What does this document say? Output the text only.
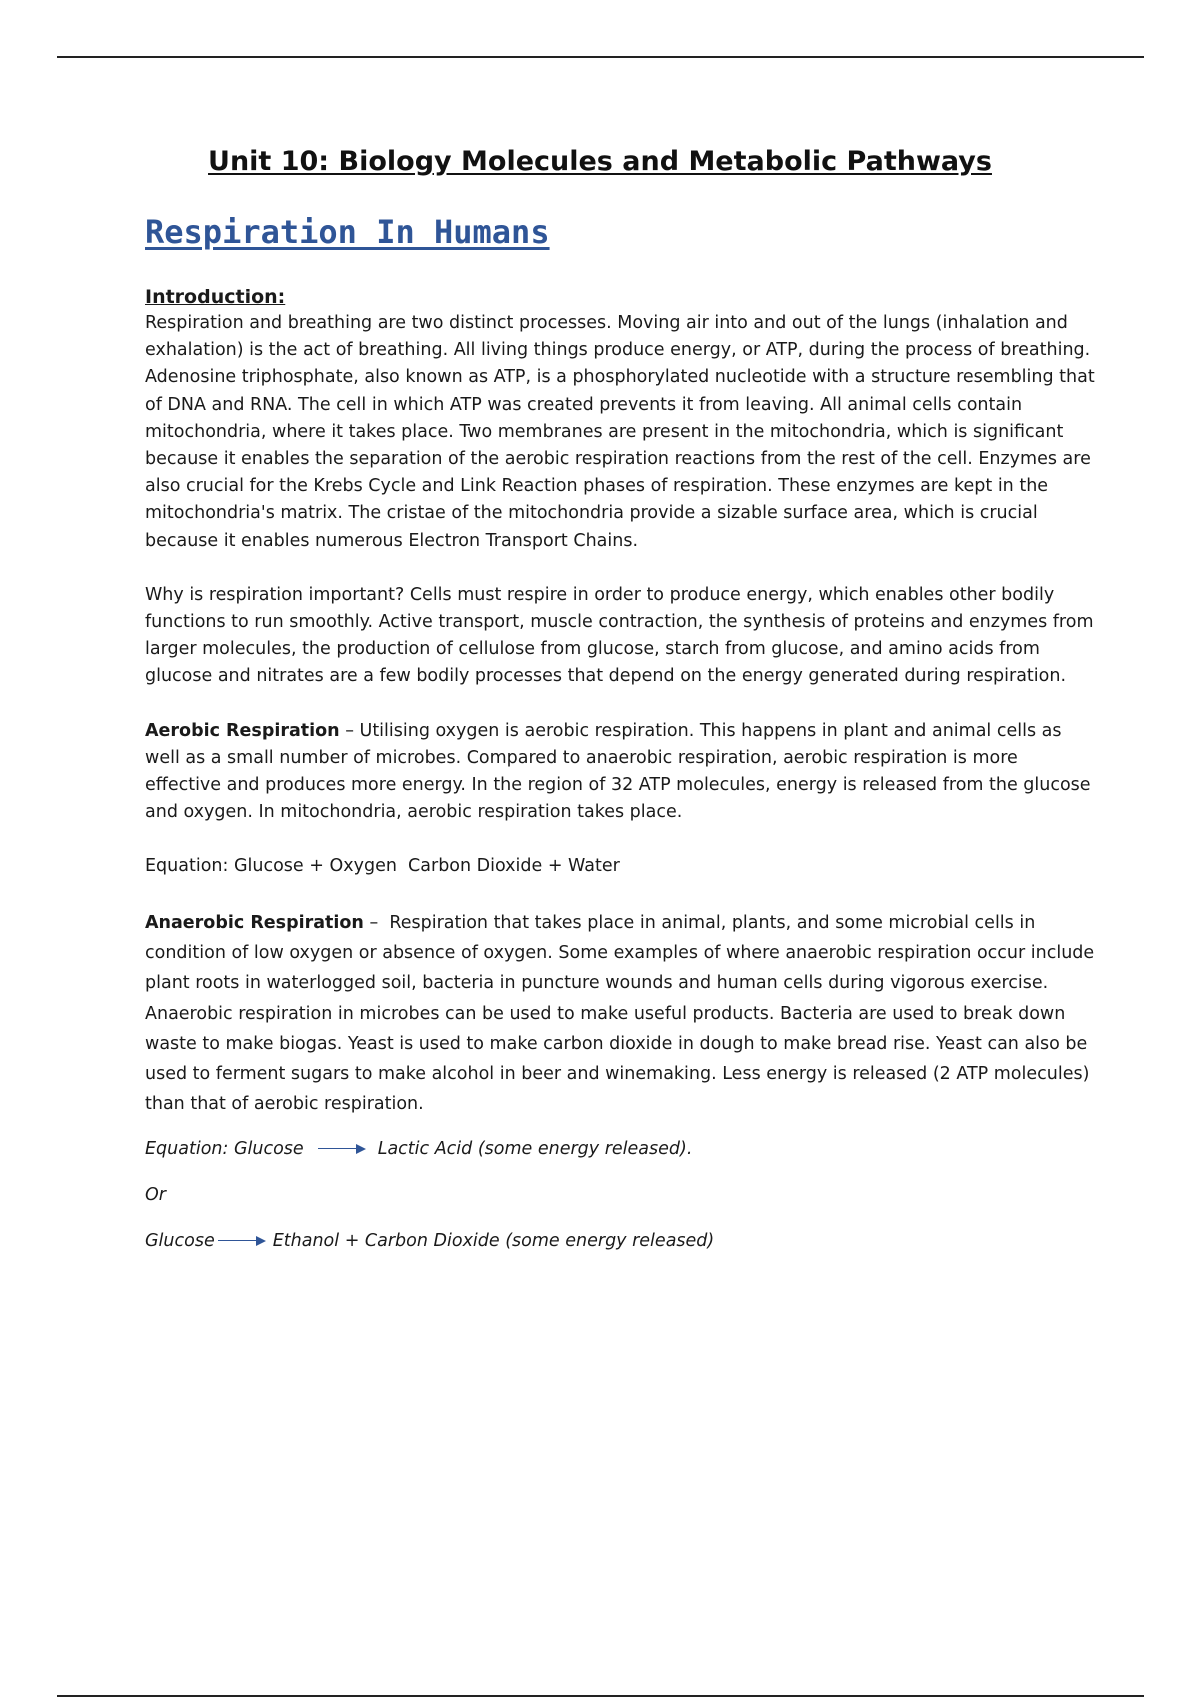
Unit 10: Biology Molecules and Metabolic Pathways
Respiration In Humans
Introduction:

Respiration and breathing are two distinct processes. Moving air into and out of the lungs (inhalation and exhalation) is the act of breathing. All living things produce energy, or ATP, during the process of breathing. Adenosine triphosphate, also known as ATP, is a phosphorylated nucleotide with a structure resembling that of DNA and RNA. The cell in which ATP was created prevents it from leaving. All animal cells contain mitochondria, where it takes place. Two membranes are present in the mitochondria, which is significant because it enables the separation of the aerobic respiration reactions from the rest of the cell. Enzymes are also crucial for the Krebs Cycle and Link Reaction phases of respiration. These enzymes are kept in the mitochondria's matrix. The cristae of the mitochondria provide a sizable surface area, which is crucial because it enables numerous Electron Transport Chains.

Why is respiration important? Cells must respire in order to produce energy, which enables other bodily functions to run smoothly. Active transport, muscle contraction, the synthesis of proteins and enzymes from larger molecules, the production of cellulose from glucose, starch from glucose, and amino acids from glucose and nitrates are a few bodily processes that depend on the energy generated during respiration.

Aerobic Respiration – Utilising oxygen is aerobic respiration. This happens in plant and animal cells as well as a small number of microbes. Compared to anaerobic respiration, aerobic respiration is more effective and produces more energy. In the region of 32 ATP molecules, energy is released from the glucose and oxygen. In mitochondria, aerobic respiration takes place.

Equation: Glucose + Oxygen  Carbon Dioxide + Water

Anaerobic Respiration –  Respiration that takes place in animal, plants, and some microbial cells in condition of low oxygen or absence of oxygen. Some examples of where anaerobic respiration occur include plant roots in waterlogged soil, bacteria in puncture wounds and human cells during vigorous exercise. Anaerobic respiration in microbes can be used to make useful products. Bacteria are used to break down waste to make biogas. Yeast is used to make carbon dioxide in dough to make bread rise. Yeast can also be used to ferment sugars to make alcohol in beer and winemaking. Less energy is released (2 ATP molecules) than that of aerobic respiration.

Equation: Glucose	Lactic Acid (some energy released).
Or
Glucose	Ethanol + Carbon Dioxide (some energy released)
